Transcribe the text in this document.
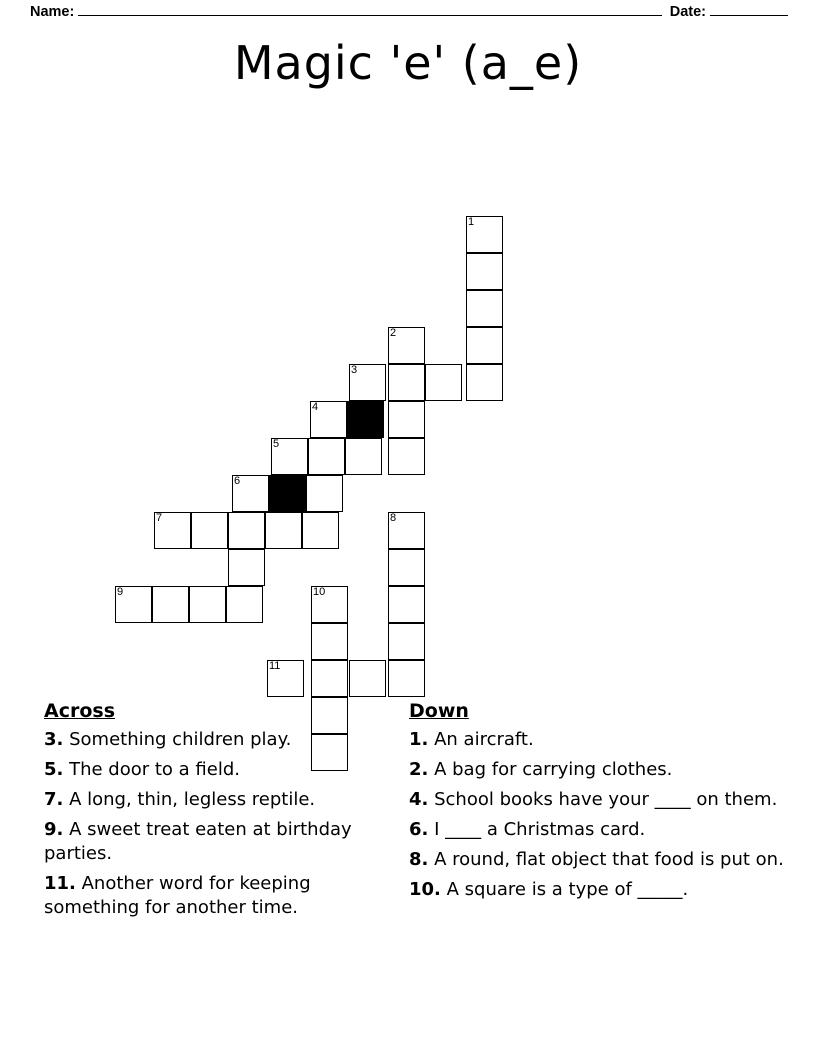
Name:	Date:
Magic 'e' (a_e)
1
2
3
4
5
6
7	8
9	10
11
Across
3. Something children play.
5. The door to a field.
7. A long, thin, legless reptile.
9. A sweet treat eaten at birthday parties.
11. Another word for keeping something for another time.
Down
1. An aircraft.
2. A bag for carrying clothes.
4. School books have your ____ on them.
6. I ____ a Christmas card.
8. A round, flat object that food is put on.
10. A square is a type of _____.
